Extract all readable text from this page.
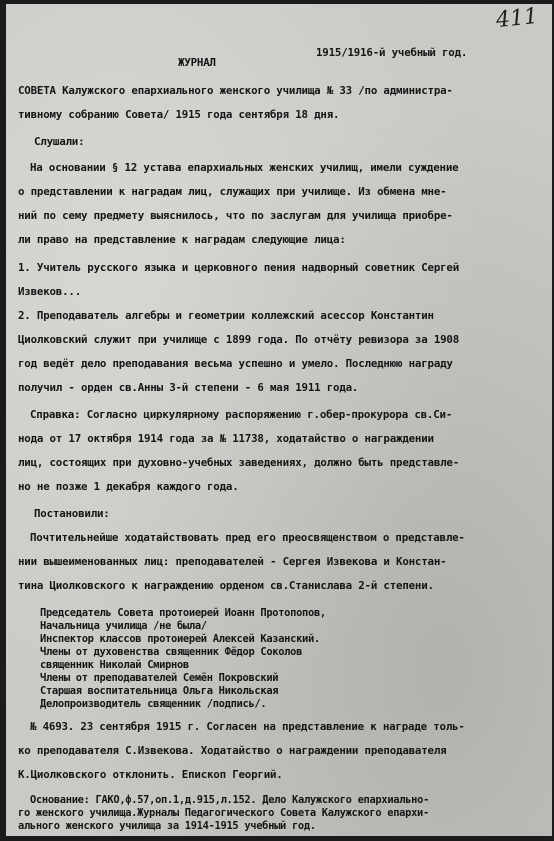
411
1915/1916-й учебный год.
ЖУРНАЛ
СОВЕТА Калужского епархиального женского училища № 33 /по администра-
тивному собранию Совета/ 1915 года сентября 18 дня.
Слушали:
На основании § 12 устава епархиальных женских училищ, имели суждение
о представлении к наградам лиц, служащих при училище. Из обмена мне-
ний по сему предмету выяснилось, что по заслугам для училища приобре-
ли право на представление к наградам следующие лица:
1. Учитель русского языка и церковного пения надворный советник Сергей
Извеков...
2. Преподаватель алгебры и геометрии коллежский асессор Константин
Циолковский служит при училище с 1899 года. По отчёту ревизора за 1908
год ведёт дело преподавания весьма успешно и умело. Последнюю награду
получил - орден св.Анны 3-й степени - 6 мая 1911 года.
Справка: Согласно циркулярному распоряжению г.обер-прокурора св.Си-
нода от 17 октября 1914 года за № 11738, ходатайство о награждении
лиц, состоящих при духовно-учебных заведениях, должно быть представле-
но не позже 1 декабря каждого года.
Постановили:
Почтительнейше ходатайствовать пред его преосвященством о представле-
нии вышеименованных лиц: преподавателей - Сергея Извекова и Констан-
тина Циолковского к награждению орденом св.Станислава 2-й степени.
Председатель Совета протоиерей Иоанн Протопопов,
Начальница училища /не была/
Инспектор классов протоиерей Алексей Казанский.
Члены от духовенства священник Фёдор Соколов
священник Николай Смирнов
Члены от преподавателей Семён Покровский
Старшая воспитательница Ольга Никольская
Делопроизводитель священник /подпись/.
№ 4693. 23 сентября 1915 г. Согласен на представление к награде толь-
ко преподавателя С.Извекова. Ходатайство о награждении преподавателя
К.Циолковского отклонить. Епископ Георгий.
Основание: ГАКО,ф.57,оп.1,д.915,л.152. Дело Калужского епархиально-
го женского училища.Журналы Педагогического Совета Калужского епархи-
ального женского училища за 1914-1915 учебный год.
